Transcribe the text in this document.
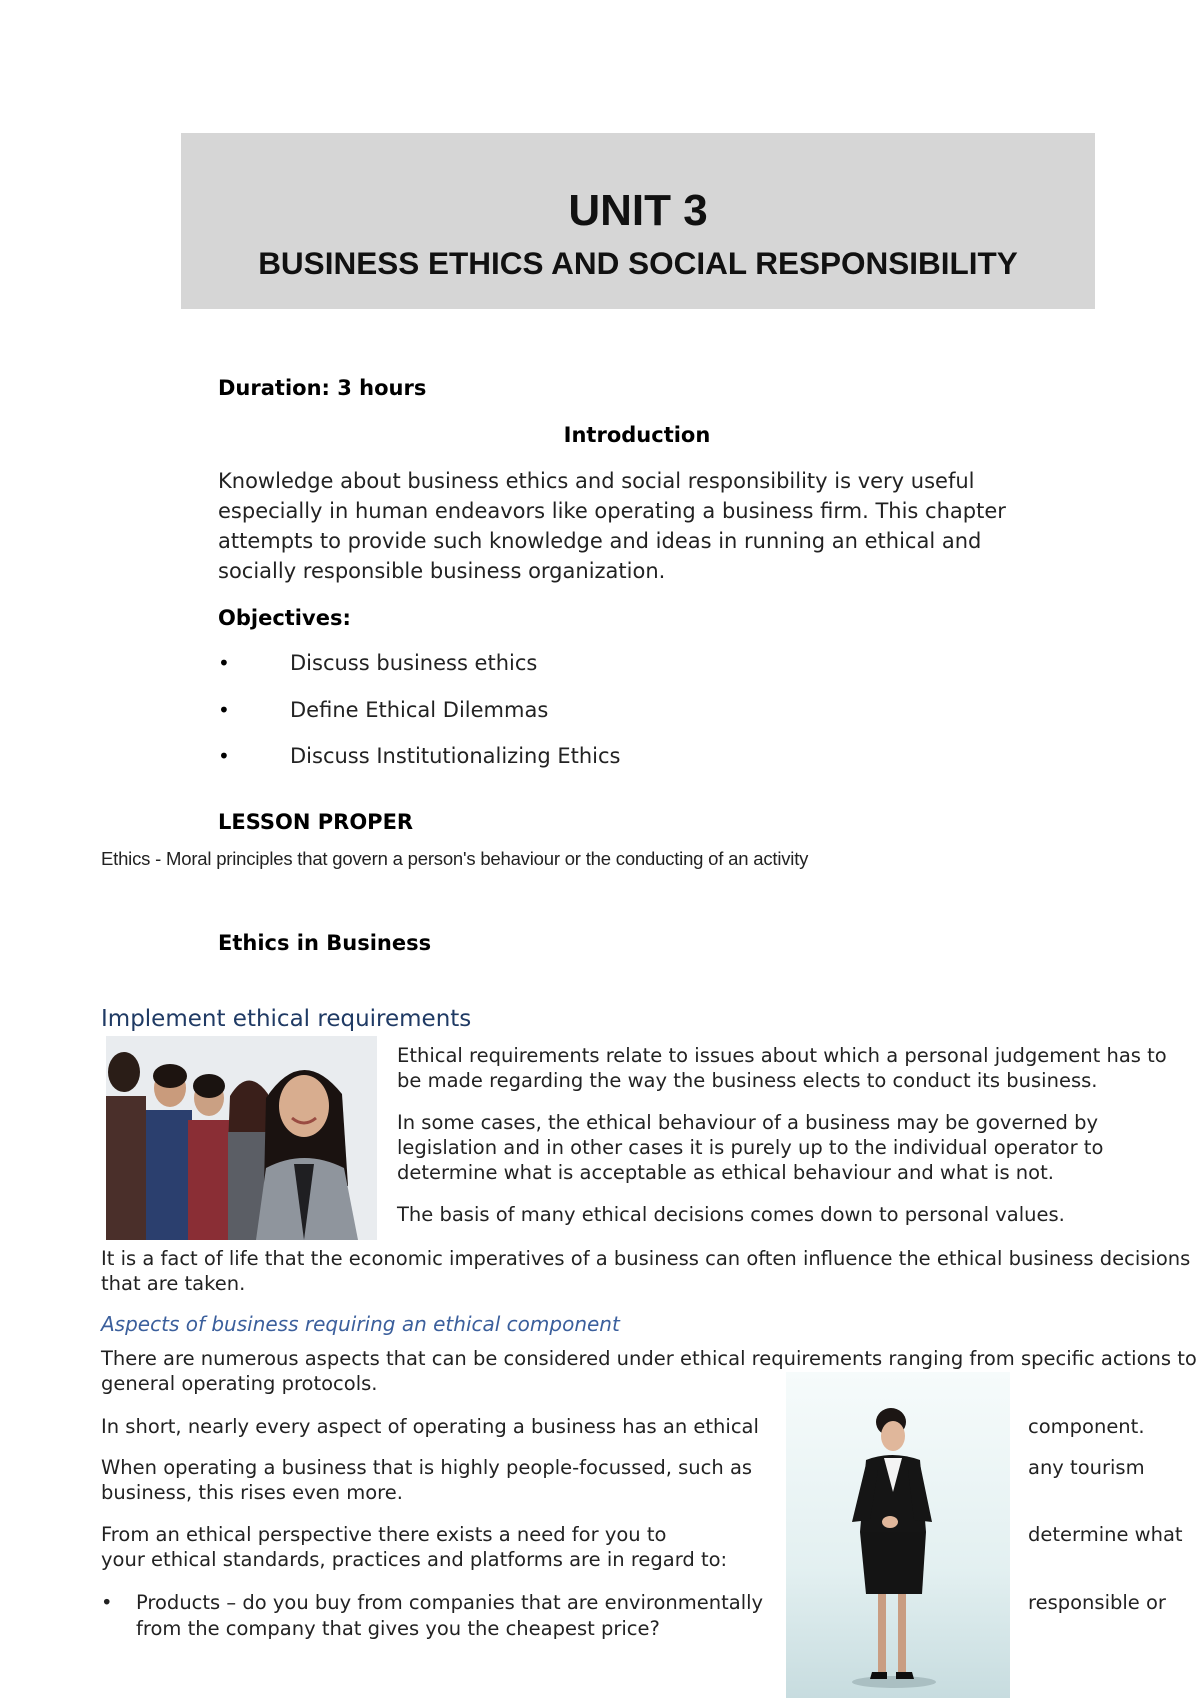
UNIT 3
BUSINESS ETHICS AND SOCIAL RESPONSIBILITY
Duration: 3 hours
Introduction
Knowledge about business ethics and social responsibility is very useful especially in human endeavors like operating a business firm. This chapter attempts to provide such knowledge and ideas in running an ethical and socially responsible business organization.
Objectives:
•	Discuss business ethics
•	Define Ethical Dilemmas
•	Discuss Institutionalizing Ethics
LESSON PROPER
Ethics - Moral principles that govern a person's behaviour or the conducting of an activity
Ethics in Business
Implement ethical requirements
Ethical requirements relate to issues about which a personal judgement has to be made regarding the way the business elects to conduct its business.
In some cases, the ethical behaviour of a business may be governed by legislation and in other cases it is purely up to the individual operator to determine what is acceptable as ethical behaviour and what is not.
The basis of many ethical decisions comes down to personal values.
It is a fact of life that the economic imperatives of a business can often influence the ethical business decisions that are taken.
Aspects of business requiring an ethical component
There are numerous aspects that can be considered under ethical requirements ranging from specific actions to general operating protocols.
In short, nearly every aspect of operating a business has an ethical	component.
When operating a business that is highly people-focussed, such as	any tourism
business, this rises even more.
From an ethical perspective there exists a need for you to	determine what
your ethical standards, practices and platforms are in regard to:
• Products – do you buy from companies that are environmentally	responsible or
from the company that gives you the cheapest price?
